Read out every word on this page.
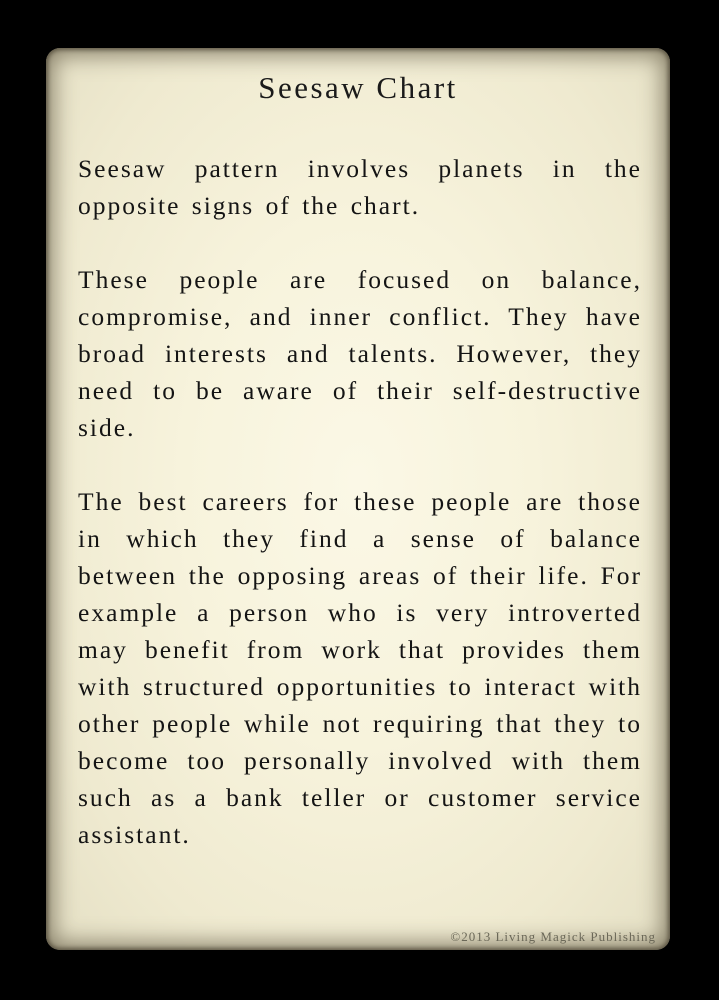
Seesaw Chart

Seesaw pattern involves planets in the opposite signs of the chart.

These people are focused on balance, compromise, and inner conflict. They have broad interests and talents. However, they need to be aware of their self-destructive side.

The best careers for these people are those in which they find a sense of balance between the opposing areas of their life. For example a person who is very introverted may benefit from work that provides them with structured opportunities to interact with other people while not requiring that they to become too personally involved with them such as a bank teller or customer service assistant.

©2013 Living Magick Publishing
